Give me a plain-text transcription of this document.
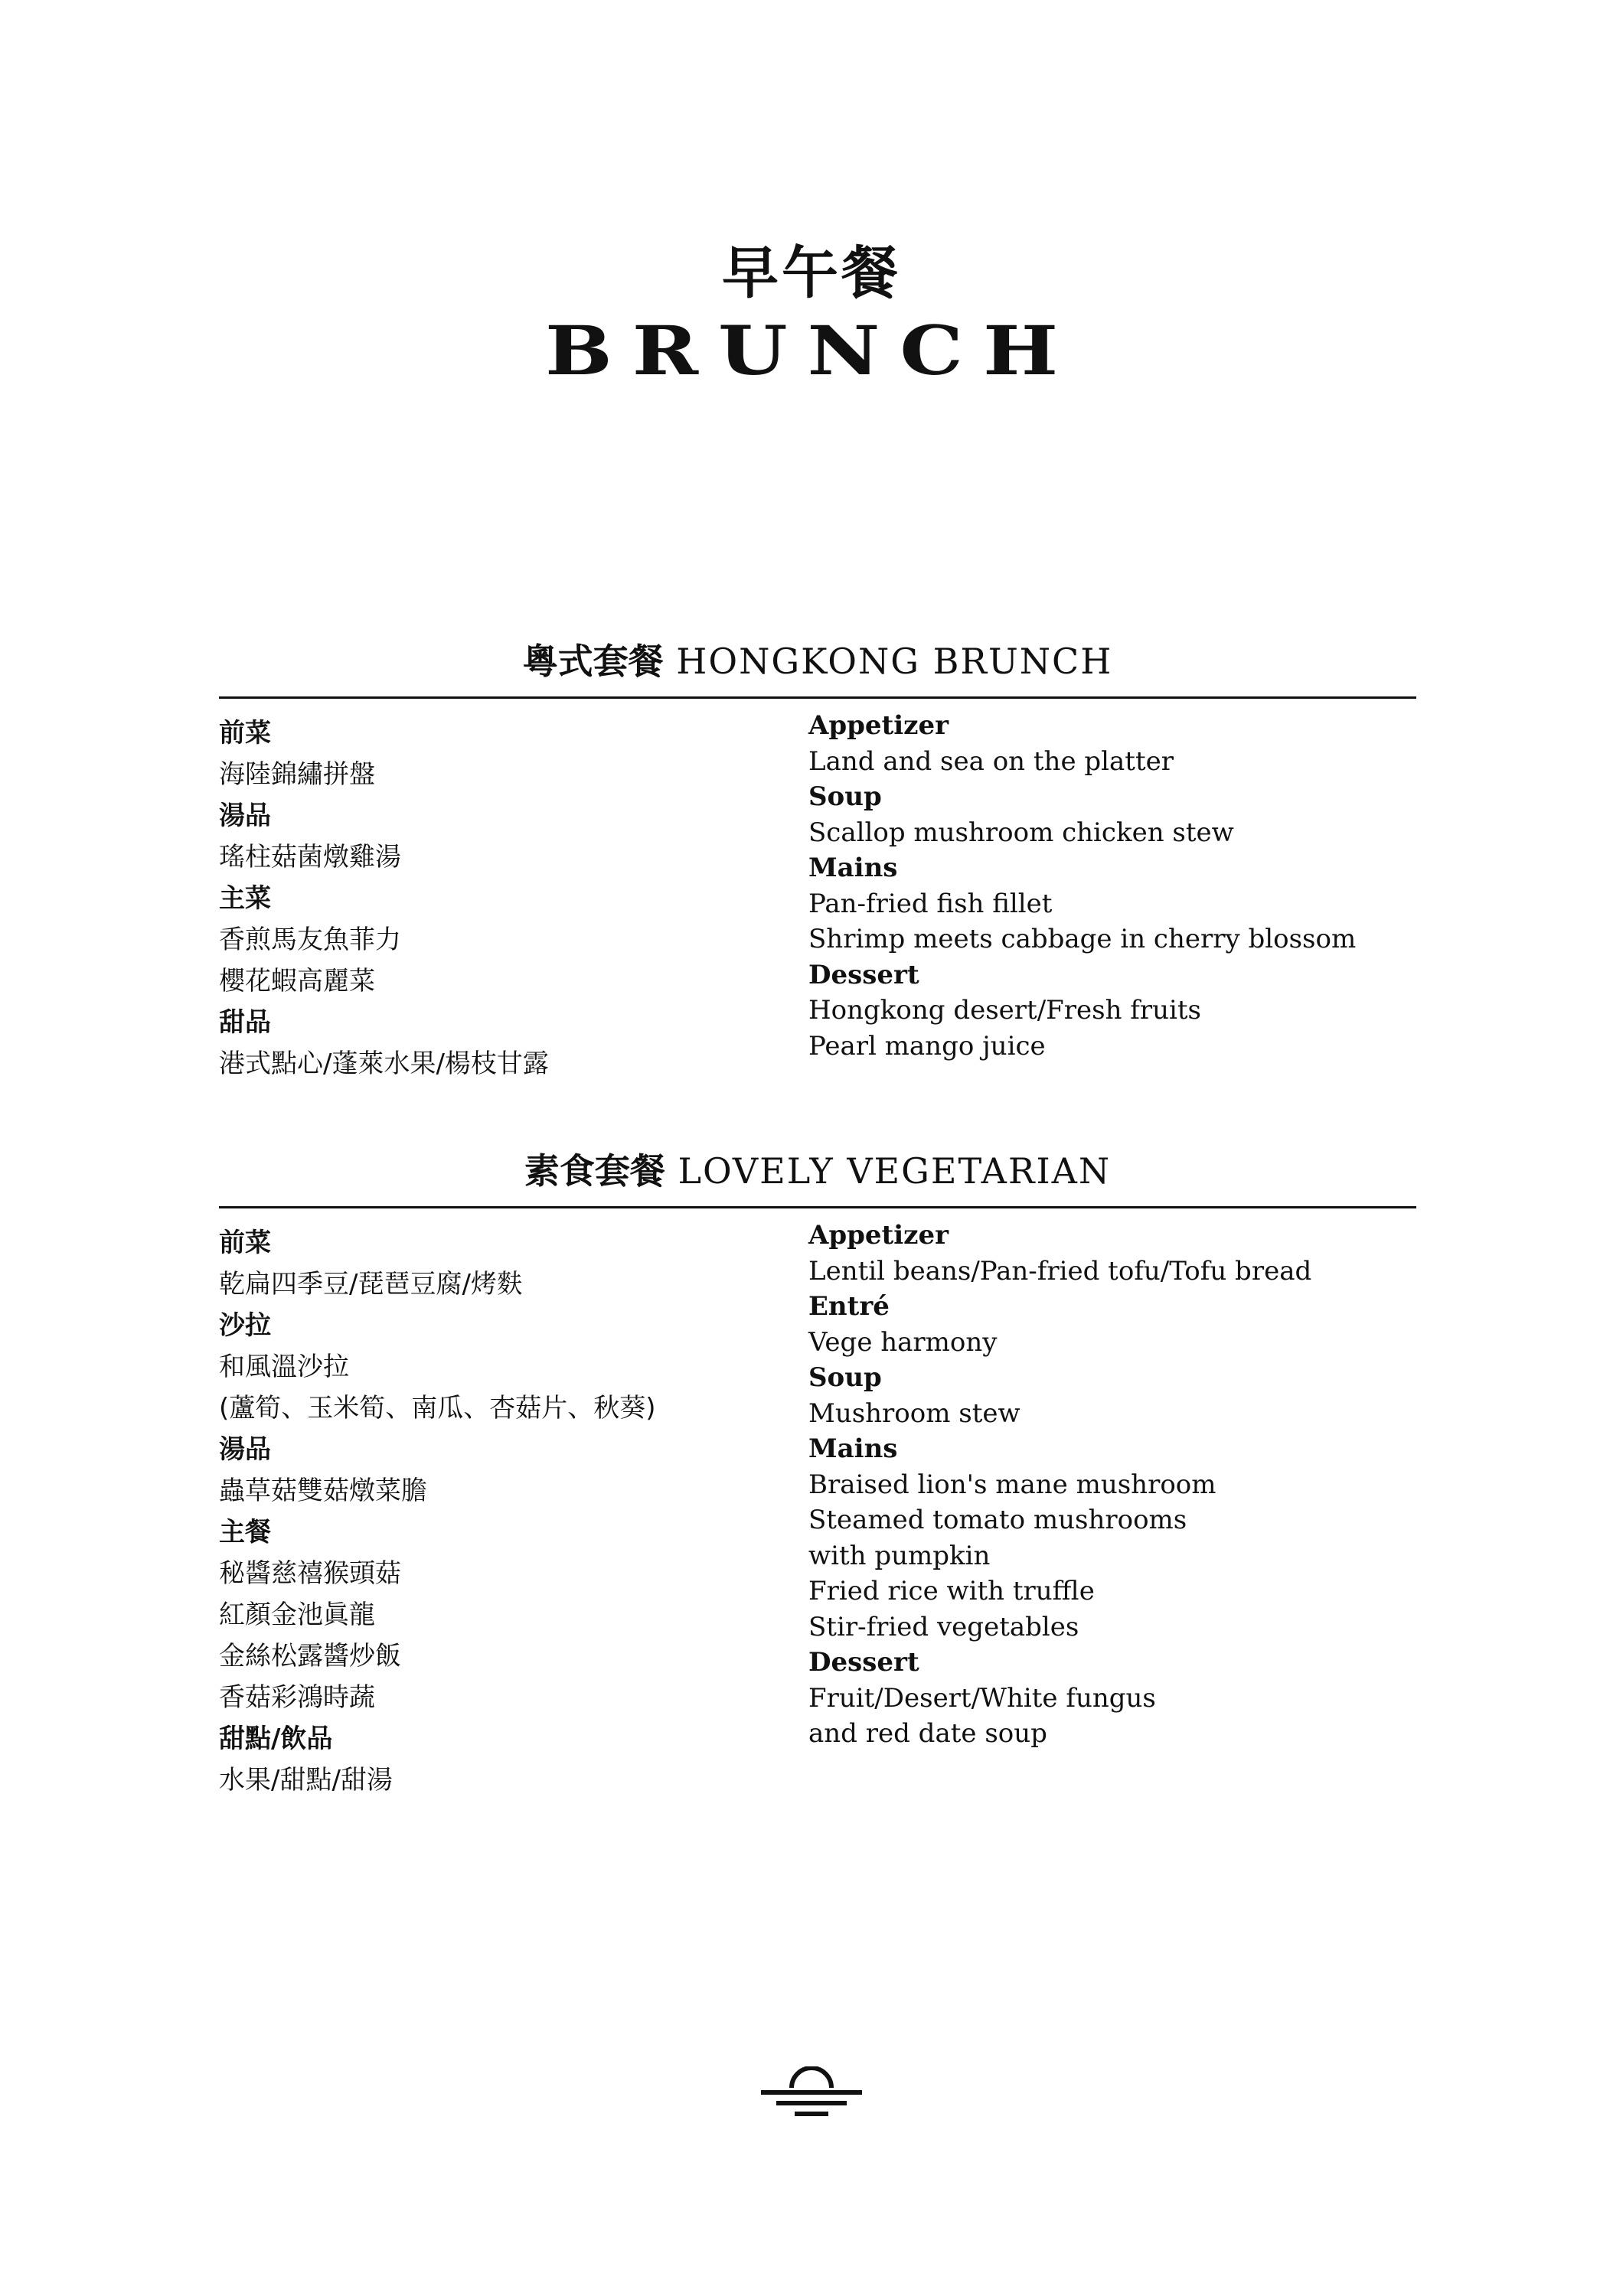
早午餐
BRUNCH
粵式套餐 HONGKONG BRUNCH
前菜
海陸錦繡拼盤
湯品
瑤柱菇菌燉雞湯
主菜
香煎馬友魚菲力
櫻花蝦高麗菜
甜品
港式點心/蓬萊水果/楊枝甘露
Appetizer
Land and sea on the platter
Soup
Scallop mushroom chicken stew
Mains
Pan-fried fish fillet
Shrimp meets cabbage in cherry blossom
Dessert
Hongkong desert/Fresh fruits
Pearl mango juice
素食套餐 LOVELY VEGETARIAN
前菜
乾扁四季豆/琵琶豆腐/烤麩
沙拉
和風溫沙拉
(蘆筍、玉米筍、南瓜、杏菇片、秋葵)
湯品
蟲草菇雙菇燉菜膽
主餐
秘醬慈禧猴頭菇
紅顏金池眞龍
金絲松露醬炒飯
香菇彩鴻時蔬
甜點/飲品
水果/甜點/甜湯
Appetizer
Lentil beans/Pan-fried tofu/Tofu bread
Entré
Vege harmony
Soup
Mushroom stew
Mains
Braised lion's mane mushroom
Steamed tomato mushrooms
with pumpkin
Fried rice with truffle
Stir-fried vegetables
Dessert
Fruit/Desert/White fungus
and red date soup
